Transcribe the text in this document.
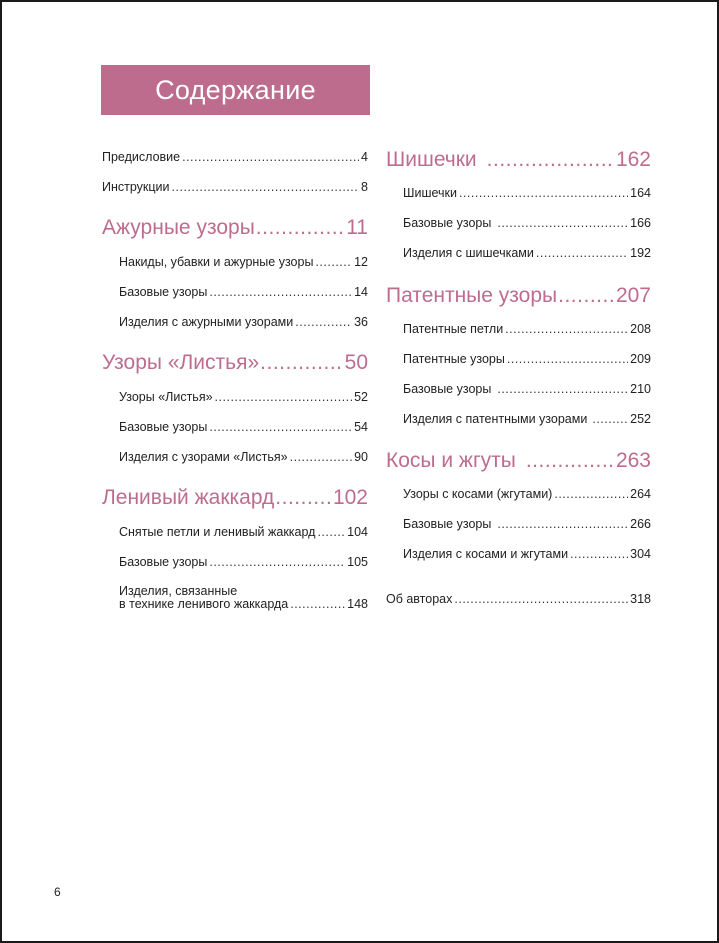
Содержание
Предисловие .....	4
Инструкции .....	8
Ажурные узоры .....	11
Накиды, убавки и ажурные узоры .....	12
Базовые узоры .....	14
Изделия с ажурными узорами .....	36
Узоры «Листья» .....	50
Узоры «Листья» .....	52
Базовые узоры .....	54
Изделия с узорами «Листья» .....	90
Ленивый жаккард .....	102
Снятые петли и ленивый жаккард .....	104
Базовые узоры .....	105
Изделия, связанные
в технике ленивого жаккарда .....	148
Шишечки .....	162
Шишечки .....	164
Базовые узоры .....	166
Изделия с шишечками .....	192
Патентные узоры .....	207
Патентные петли .....	208
Патентные узоры .....	209
Базовые узоры .....	210
Изделия с патентными узорами .....	252
Косы и жгуты .....	263
Узоры с косами (жгутами) .....	264
Базовые узоры .....	266
Изделия с косами и жгутами .....	304
Об авторах .....	318
6
